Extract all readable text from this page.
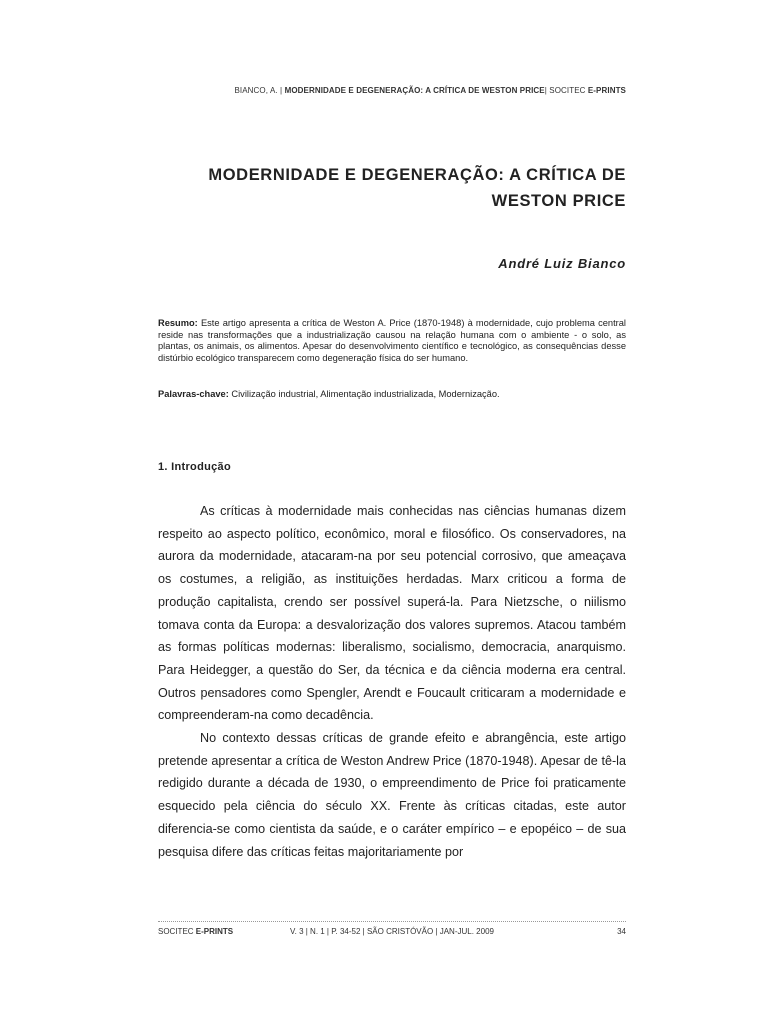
BIANCO, A. | MODERNIDADE E DEGENERAÇÃO: A CRÍTICA DE WESTON PRICE| SOCITEC E-PRINTS
MODERNIDADE E DEGENERAÇÃO: A CRÍTICA DE
WESTON PRICE
André Luiz Bianco

Resumo: Este artigo apresenta a crítica de Weston A. Price (1870-1948) à modernidade, cujo problema central reside nas transformações que a industrialização causou na relação humana com o ambiente - o solo, as plantas, os animais, os alimentos. Apesar do desenvolvimento científico e tecnológico, as consequências desse distúrbio ecológico transparecem como degeneração física do ser humano.

Palavras-chave: Civilização industrial, Alimentação industrializada, Modernização.

1. Introdução

As críticas à modernidade mais conhecidas nas ciências humanas dizem respeito ao aspecto político, econômico, moral e filosófico. Os conservadores, na aurora da modernidade, atacaram-na por seu potencial corrosivo, que ameaçava os costumes, a religião, as instituições herdadas. Marx criticou a forma de produção capitalista, crendo ser possível superá-la. Para Nietzsche, o niilismo tomava conta da Europa: a desvalorização dos valores supremos. Atacou também as formas políticas modernas: liberalismo, socialismo, democracia, anarquismo. Para Heidegger, a questão do Ser, da técnica e da ciência moderna era central. Outros pensadores como Spengler, Arendt e Foucault criticaram a modernidade e compreenderam-na como decadência.

No contexto dessas críticas de grande efeito e abrangência, este artigo pretende apresentar a crítica de Weston Andrew Price (1870-1948). Apesar de tê-la redigido durante a década de 1930, o empreendimento de Price foi praticamente esquecido pela ciência do século XX. Frente às críticas citadas, este autor diferencia-se como cientista da saúde, e o caráter empírico – e epopéico – de sua pesquisa difere das críticas feitas majoritariamente por

SOCITEC E-PRINTS	V. 3 | N. 1 | P. 34-52 | SÃO CRISTÓVÃO | JAN-JUL. 2009	34
